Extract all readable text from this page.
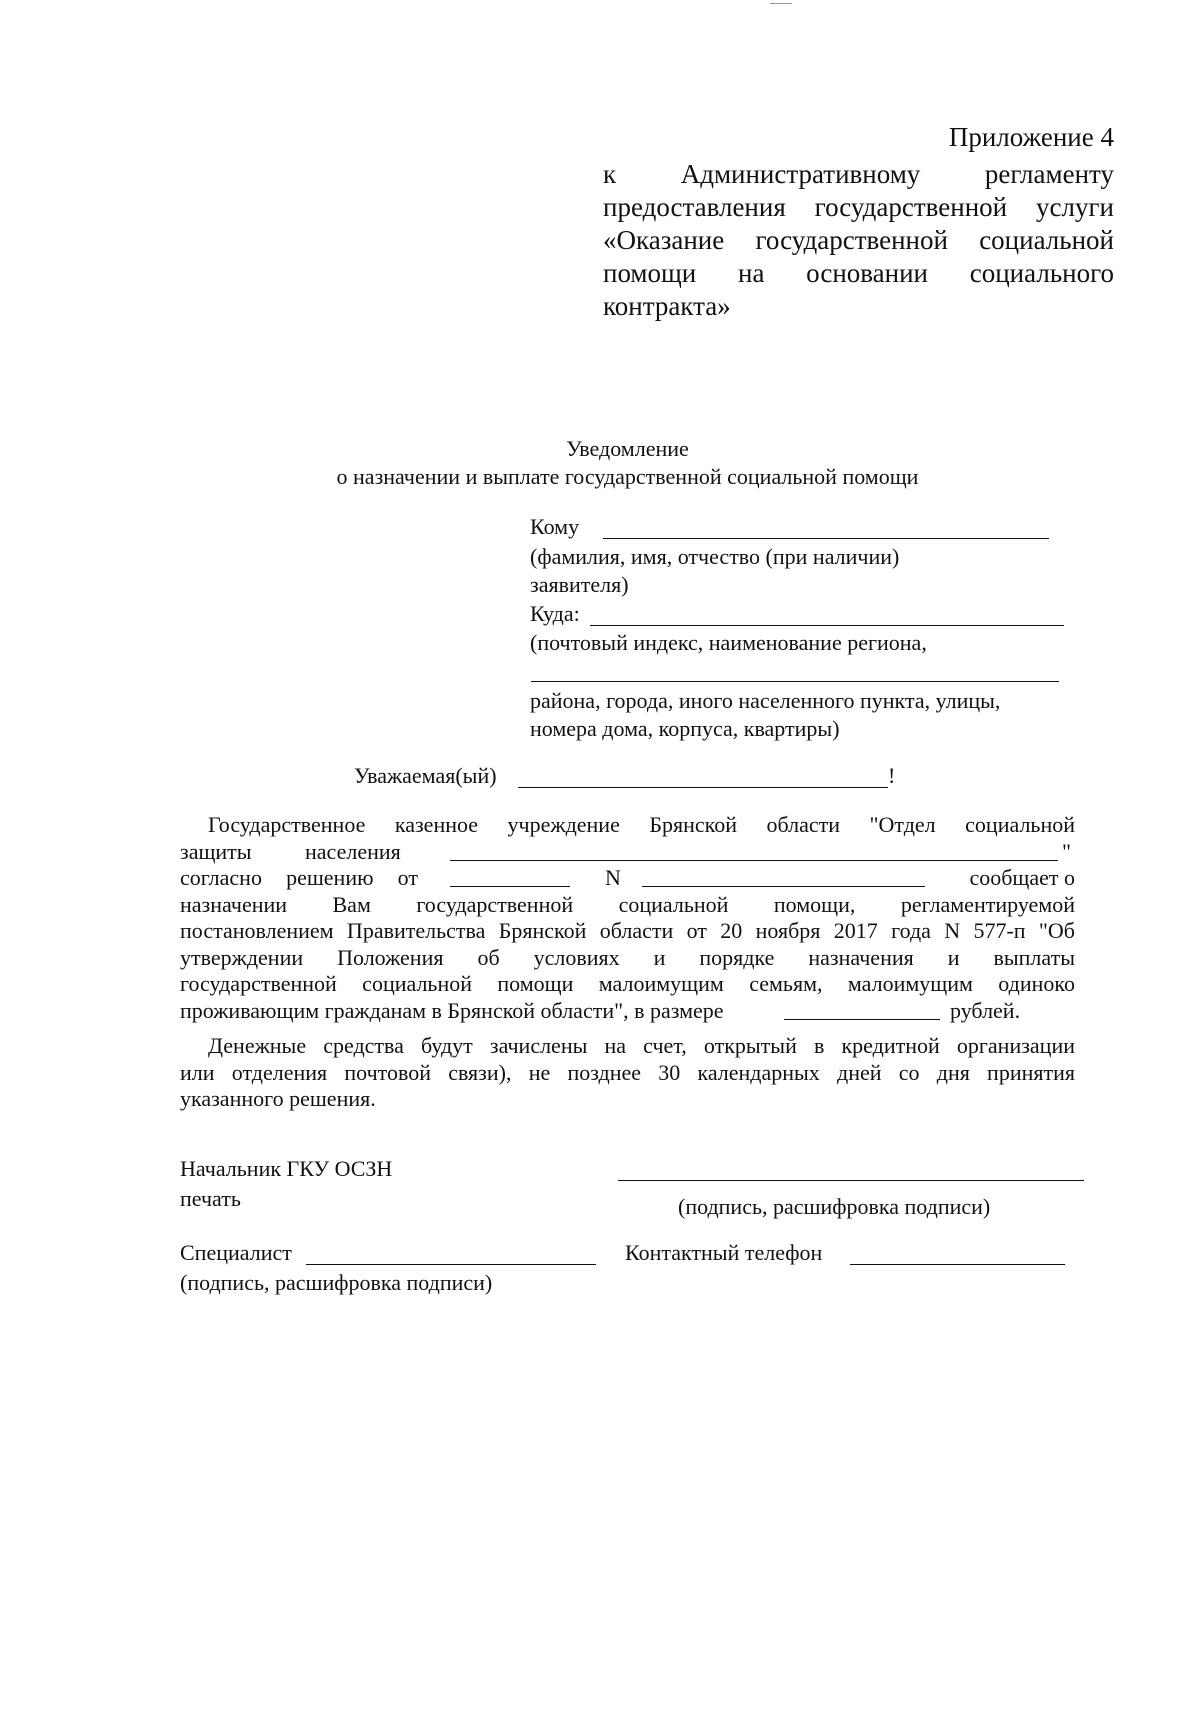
Приложение 4
к Административному регламенту
предоставления государственной услуги
«Оказание государственной социальной
помощи на основании социального
контракта»
Уведомление
о назначении и выплате государственной социальной помощи
Кому
(фамилия, имя, отчество (при наличии)
заявителя)
Куда:
(почтовый индекс, наименование региона,
района, города, иного населенного пункта, улицы,
номера дома, корпуса, квартиры)
Уважаемая(ый)	!
Государственное казенное учреждение Брянской области "Отдел социальной
защиты населения	"
согласно решению от	N	сообщает о
назначении Вам государственной социальной помощи, регламентируемой
постановлением Правительства Брянской области от 20 ноября 2017 года N 577-п "Об
утверждении Положения об условиях и порядке назначения и выплаты
государственной социальной помощи малоимущим семьям, малоимущим одиноко
проживающим гражданам в Брянской области", в размере	рублей.
Денежные средства будут зачислены на счет, открытый в кредитной организации
или отделения почтовой связи), не позднее 30 календарных дней со дня принятия
указанного решения.
Начальник ГКУ ОСЗН
печать	(подпись, расшифровка подписи)
Специалист	Контактный телефон
(подпись, расшифровка подписи)
